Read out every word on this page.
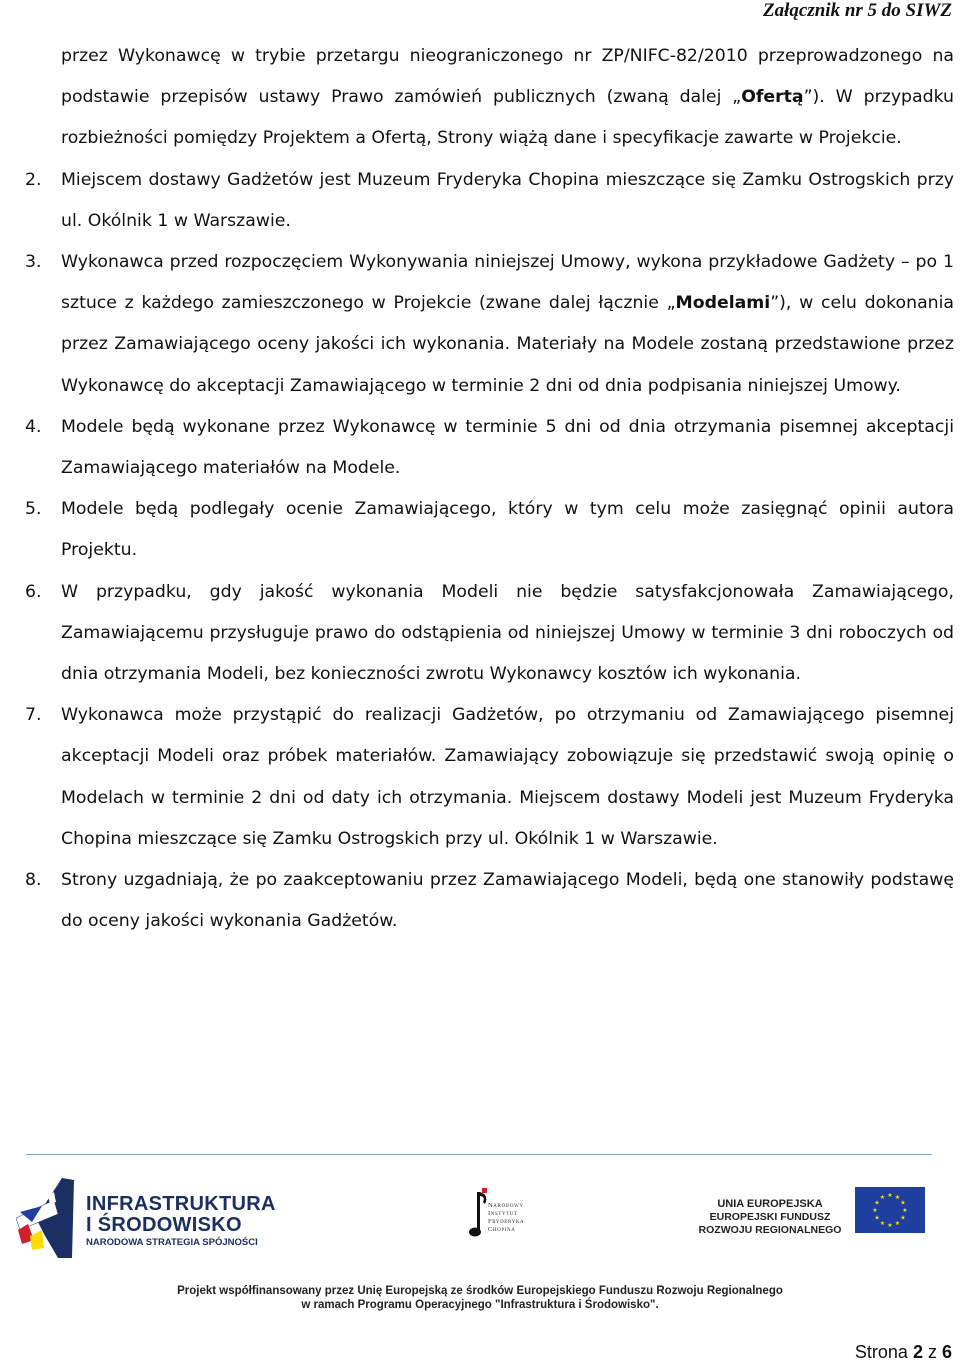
Załącznik nr 5 do SIWZ

przez Wykonawcę w trybie przetargu nieograniczonego nr ZP/NIFC-82/2010 przeprowadzonego na podstawie przepisów ustawy Prawo zamówień publicznych (zwaną dalej „Ofertą”). W przypadku rozbieżności pomiędzy Projektem a Ofertą, Strony wiążą dane i specyfikacje zawarte w Projekcie.

2. Miejscem dostawy Gadżetów jest Muzeum Fryderyka Chopina mieszczące się Zamku Ostrogskich przy ul. Okólnik 1 w Warszawie.

3. Wykonawca przed rozpoczęciem Wykonywania niniejszej Umowy, wykona przykładowe Gadżety – po 1 sztuce z każdego zamieszczonego w Projekcie (zwane dalej łącznie „Modelami”), w celu dokonania przez Zamawiającego oceny jakości ich wykonania. Materiały na Modele zostaną przedstawione przez Wykonawcę do akceptacji Zamawiającego w terminie 2 dni od dnia podpisania niniejszej Umowy.

4. Modele będą wykonane przez Wykonawcę w terminie 5 dni od dnia otrzymania pisemnej akceptacji Zamawiającego materiałów na Modele.

5. Modele będą podlegały ocenie Zamawiającego, który w tym celu może zasięgnąć opinii autora Projektu.

6. W przypadku, gdy jakość wykonania Modeli nie będzie satysfakcjonowała Zamawiającego, Zamawiającemu przysługuje prawo do odstąpienia od niniejszej Umowy w terminie 3 dni roboczych od dnia otrzymania Modeli, bez konieczności zwrotu Wykonawcy kosztów ich wykonania.

7. Wykonawca może przystąpić do realizacji Gadżetów, po otrzymaniu od Zamawiającego pisemnej akceptacji Modeli oraz próbek materiałów. Zamawiający zobowiązuje się przedstawić swoją opinię o Modelach w terminie 2 dni od daty ich otrzymania. Miejscem dostawy Modeli jest Muzeum Fryderyka Chopina mieszczące się Zamku Ostrogskich przy ul. Okólnik 1 w Warszawie.

8. Strony uzgadniają, że po zaakceptowaniu przez Zamawiającego Modeli, będą one stanowiły podstawę do oceny jakości wykonania Gadżetów.

INFRASTRUKTURA
I ŚRODOWISKO
NARODOWA STRATEGIA SPÓJNOŚCI
Narodowy
Instytut
Fryderyka
Chopina
UNIA EUROPEJSKA
EUROPEJSKI FUNDUSZ
ROZWOJU REGIONALNEGO
★ ★
★
★
★
★
★
★
★
★
★
★
Projekt współfinansowany przez Unię Europejską ze środków Europejskiego Funduszu Rozwoju Regionalnego
w ramach Programu Operacyjnego "Infrastruktura i Środowisko".
Strona 2 z 6
